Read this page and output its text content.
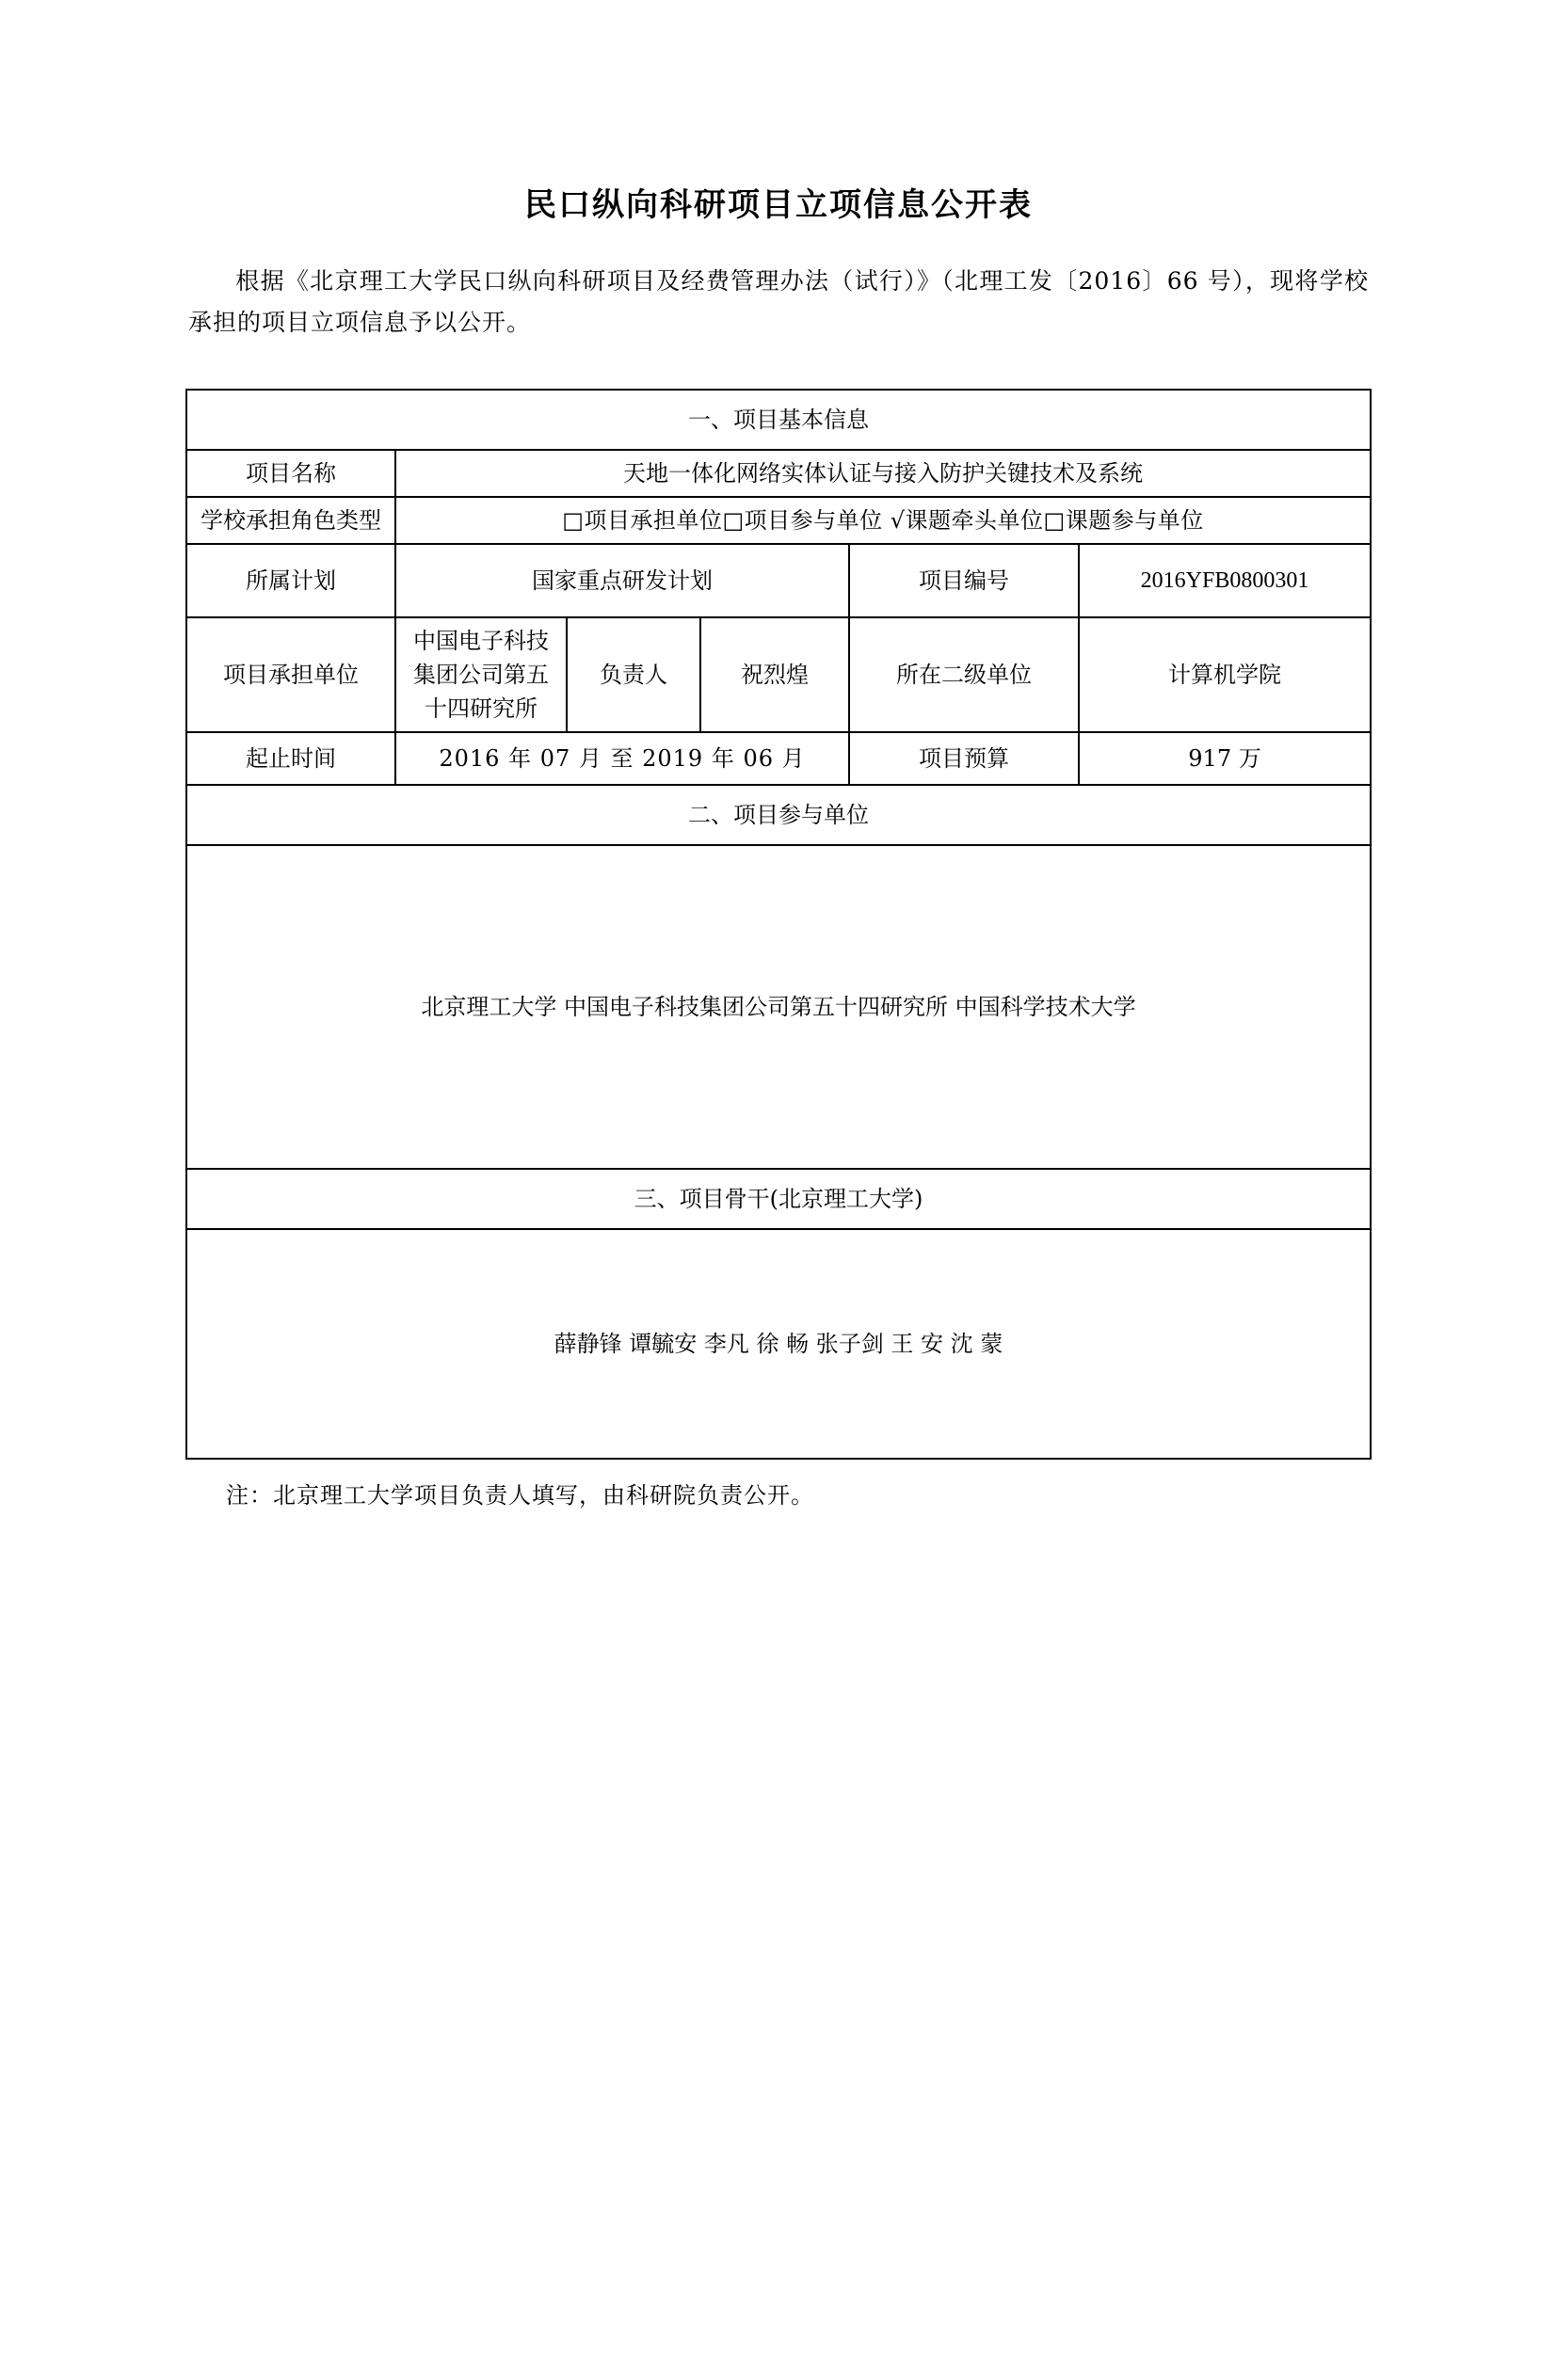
民口纵向科研项目立项信息公开表
根据《北京理工大学民口纵向科研项目及经费管理办法（试行）》（北理工发〔2016〕66 号），现将学校承担的项目立项信息予以公开。
一、项目基本信息					
项目名称	天地一体化网络实体认证与接入防护关键技术及系统				
学校承担角色类型	□项目承担单位□项目参与单位 √课题牵头单位□课题参与单位				
所属计划	国家重点研发计划			项目编号	2016YFB0800301
项目承担单位	中国电子科技集团公司第五十四研究所	负责人	祝烈煌	所在二级单位	计算机学院
起止时间	2016 年 07 月 至 2019 年 06 月			项目预算	917 万
二、项目参与单位					
北京理工大学 中国电子科技集团公司第五十四研究所 中国科学技术大学					
三、项目骨干(北京理工大学)					
薛静锋 谭毓安 李凡 徐 畅 张子剑 王 安 沈 蒙					
注：北京理工大学项目负责人填写，由科研院负责公开。
